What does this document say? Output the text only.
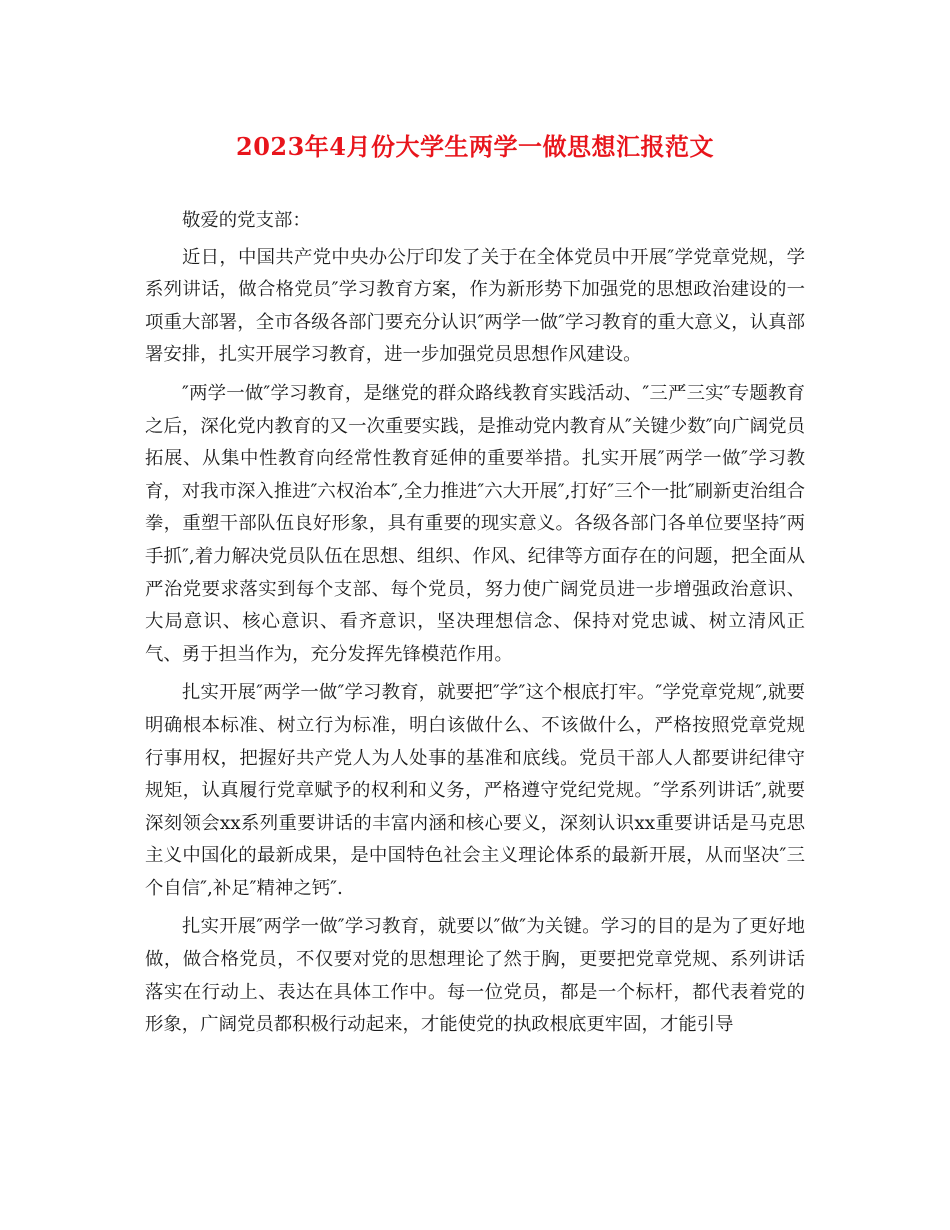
2023年4月份大学生两学一做思想汇报范文

敬爱的党支部：

近日，中国共产党中央办公厅印发了关于在全体党员中开展″学党章党规，学系列讲话，做合格党员″学习教育方案，作为新形势下加强党的思想政治建设的一项重大部署，全市各级各部门要充分认识″两学一做″学习教育的重大意义，认真部署安排，扎实开展学习教育，进一步加强党员思想作风建设。

″两学一做″学习教育，是继党的群众路线教育实践活动、″三严三实″专题教育之后，深化党内教育的又一次重要实践，是推动党内教育从″关键少数″向广阔党员拓展、从集中性教育向经常性教育延伸的重要举措。扎实开展″两学一做″学习教育，对我市深入推进″六权治本″,全力推进″六大开展″,打好″三个一批″刷新吏治组合拳，重塑干部队伍良好形象，具有重要的现实意义。各级各部门各单位要坚持″两手抓″,着力解决党员队伍在思想、组织、作风、纪律等方面存在的问题，把全面从严治党要求落实到每个支部、每个党员，努力使广阔党员进一步增强政治意识、大局意识、核心意识、看齐意识，坚决理想信念、保持对党忠诚、树立清风正气、勇于担当作为，充分发挥先锋模范作用。

扎实开展″两学一做″学习教育，就要把″学″这个根底打牢。″学党章党规″,就要明确根本标准、树立行为标准，明白该做什么、不该做什么，严格按照党章党规行事用权，把握好共产党人为人处事的基准和底线。党员干部人人都要讲纪律守规矩，认真履行党章赋予的权利和义务，严格遵守党纪党规。″学系列讲话″,就要深刻领会xx系列重要讲话的丰富内涵和核心要义，深刻认识xx重要讲话是马克思主义中国化的最新成果，是中国特色社会主义理论体系的最新开展，从而坚决″三个自信″,补足″精神之钙″.

扎实开展″两学一做″学习教育，就要以″做″为关键。学习的目的是为了更好地做，做合格党员，不仅要对党的思想理论了然于胸，更要把党章党规、系列讲话落实在行动上、表达在具体工作中。每一位党员，都是一个标杆，都代表着党的形象，广阔党员都积极行动起来，才能使党的执政根底更牢固，才能引导
